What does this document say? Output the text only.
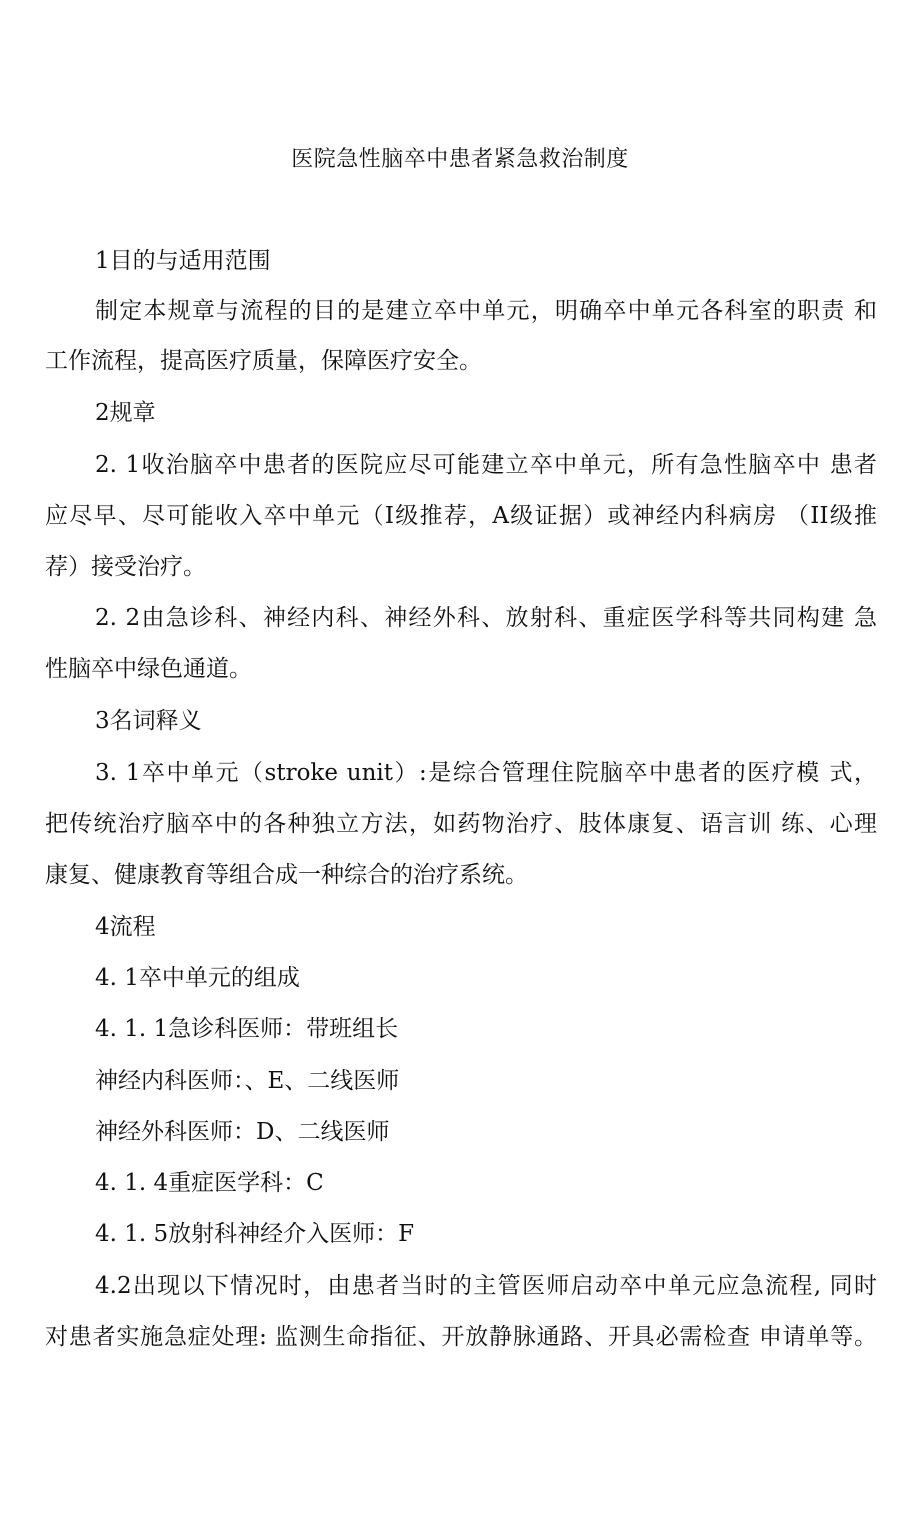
医院急性脑卒中患者紧急救治制度
1目的与适用范围
制定本规章与流程的目的是建立卒中单元，明确卒中单元各科室的职责 和
工作流程，提高医疗质量，保障医疗安全。
2规章
2. 1收治脑卒中患者的医院应尽可能建立卒中单元，所有急性脑卒中 患者
应尽早、尽可能收入卒中单元（I级推荐，A级证据）或神经内科病房 （II级推
荐）接受治疗。
2. 2由急诊科、神经内科、神经外科、放射科、重症医学科等共同构建 急
性脑卒中绿色通道。
3名词释义
3. 1卒中单元（stroke unit）:是综合管理住院脑卒中患者的医疗模 式，
把传统治疗脑卒中的各种独立方法，如药物治疗、肢体康复、语言训 练、心理
康复、健康教育等组合成一种综合的治疗系统。
4流程
4. 1卒中单元的组成
4. 1. 1急诊科医师：带班组长
神经内科医师：、E、二线医师
神经外科医师：D、二线医师
4. 1. 4重症医学科：C
4. 1. 5放射科神经介入医师：F
4.2出现以下情况时，由患者当时的主管医师启动卒中单元应急流程, 同时
对患者实施急症处理: 监测生命指征、开放静脉通路、开具必需检查 申请单等。
